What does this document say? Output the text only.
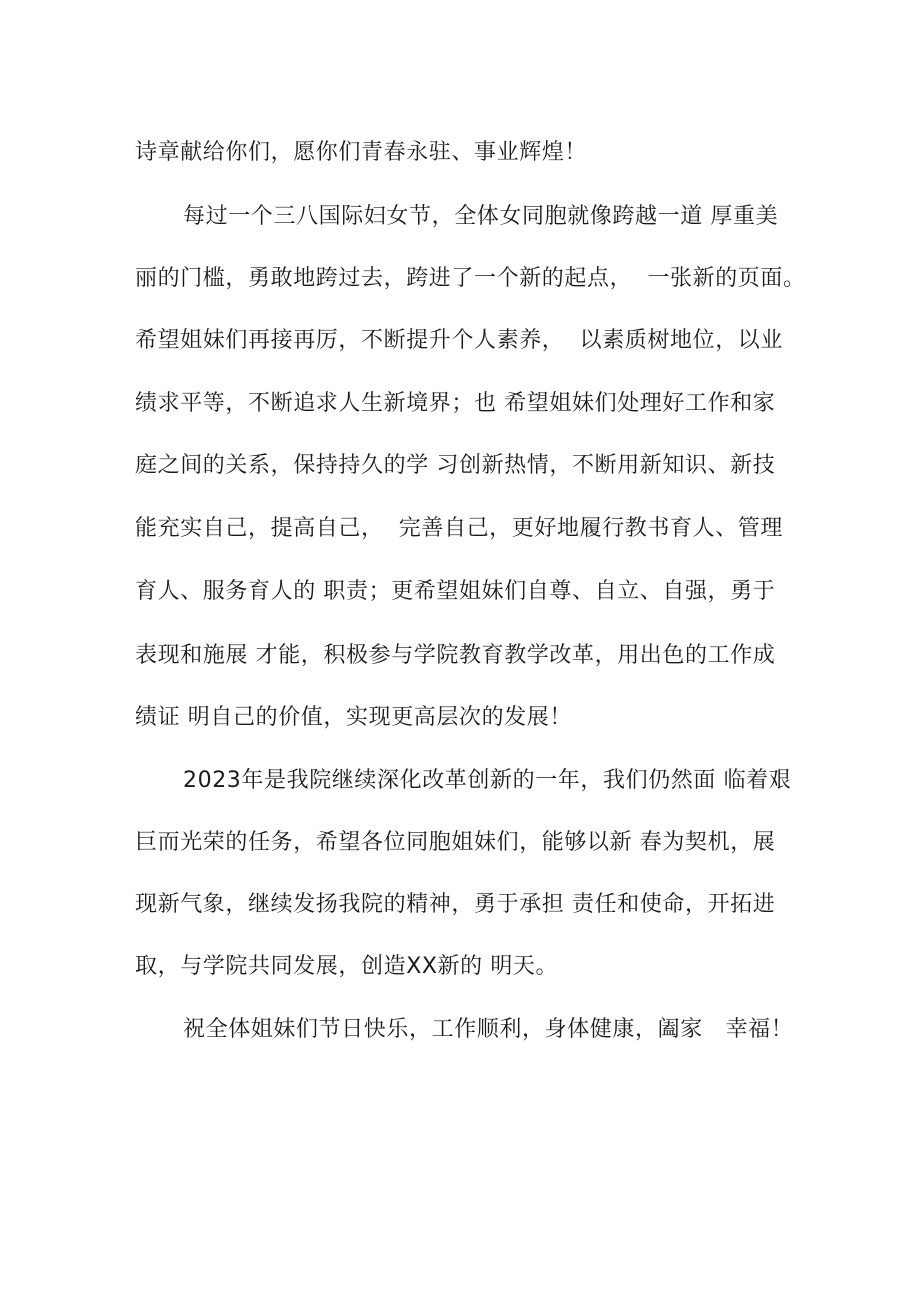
诗章献给你们，愿你们青春永驻、事业辉煌！
每过一个三八国际妇女节，全体女同胞就像跨越一道 厚重美
丽的门槛，勇敢地跨过去，跨进了一个新的起点，  一张新的页面。
希望姐妹们再接再厉，不断提升个人素养，  以素质树地位，以业
绩求平等，不断追求人生新境界；也 希望姐妹们处理好工作和家
庭之间的关系，保持持久的学 习创新热情，不断用新知识、新技
能充实自己，提高自己，  完善自己，更好地履行教书育人、管理
育人、服务育人的 职责；更希望姐妹们自尊、自立、自强，勇于
表现和施展 才能，积极参与学院教育教学改革，用出色的工作成
绩证 明自己的价值，实现更高层次的发展！
2023年是我院继续深化改革创新的一年，我们仍然面 临着艰
巨而光荣的任务，希望各位同胞姐妹们，能够以新 春为契机，展
现新气象，继续发扬我院的精神，勇于承担 责任和使命，开拓进
取，与学院共同发展，创造XX新的 明天。
祝全体姐妹们节日快乐，工作顺利，身体健康，阖家   幸福！
